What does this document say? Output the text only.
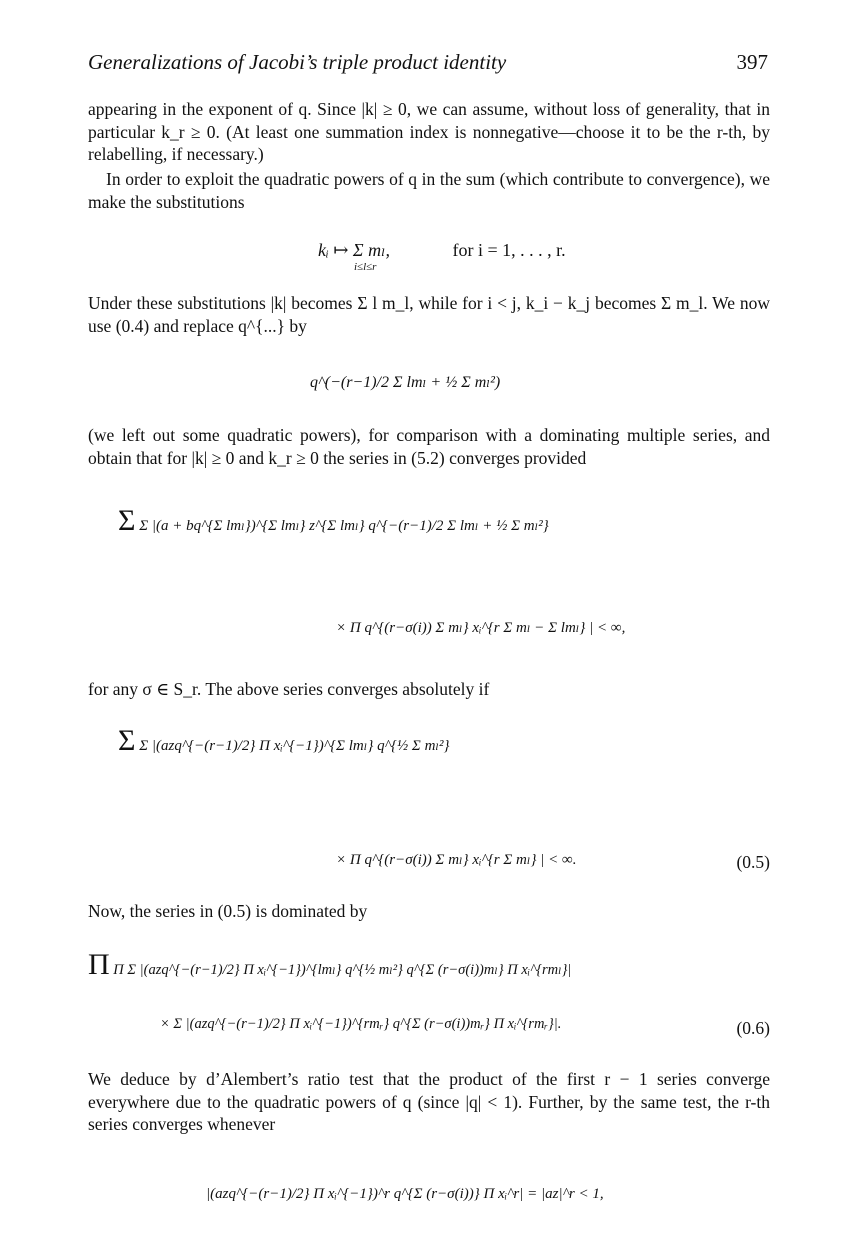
Generalizations of Jacobi’s triple product identity	397

appearing in the exponent of q. Since |k| ≥ 0, we can assume, without loss of generality, that in particular k_r ≥ 0. (At least one summation index is nonnegative—choose it to be the r-th, by relabelling, if necessary.)

In order to exploit the quadratic powers of q in the sum (which contribute to convergence), we make the substitutions

kᵢ ↦ Σ mₗ,	for i = 1, . . . , r.
i≤l≤r

Under these substitutions |k| becomes Σ l m_l, while for i < j, k_i − k_j becomes Σ m_l. We now use (0.4) and replace q^{...} by

q^(−(r−1)/2 Σ lmₗ + ½ Σ mₗ²)

(we left out some quadratic powers), for comparison with a dominating multiple series, and obtain that for |k| ≥ 0 and k_r ≥ 0 the series in (5.2) converges provided

Σ Σ |(a + bq^{Σ lmₗ})^{Σ lmₗ} z^{Σ lmₗ} q^{−(r−1)/2 Σ lmₗ + ½ Σ mₗ²}
× Π q^{(r−σ(i)) Σ mₗ} xᵢ^{r Σ mₗ − Σ lmₗ} | < ∞,

for any σ ∈ S_r. The above series converges absolutely if

Σ Σ |(azq^{−(r−1)/2} Π xᵢ^{−1})^{Σ lmₗ} q^{½ Σ mₗ²}
× Π q^{(r−σ(i)) Σ mₗ} xᵢ^{r Σ mₗ} | < ∞.	(0.5)

Now, the series in (0.5) is dominated by

Π Π Σ |(azq^{−(r−1)/2} Π xᵢ^{−1})^{lmₗ} q^{½ mₗ²} q^{Σ (r−σ(i))mₗ} Π xᵢ^{rmₗ}|
× Σ |(azq^{−(r−1)/2} Π xᵢ^{−1})^{rmᵣ} q^{Σ (r−σ(i))mᵣ} Π xᵢ^{rmᵣ}|.	(0.6)

We deduce by d’Alembert’s ratio test that the product of the first r − 1 series converge everywhere due to the quadratic powers of q (since |q| < 1). Further, by the same test, the r-th series converges whenever

|(azq^{−(r−1)/2} Π xᵢ^{−1})^r q^{Σ (r−σ(i))} Π xᵢ^r| = |az|^r < 1,
